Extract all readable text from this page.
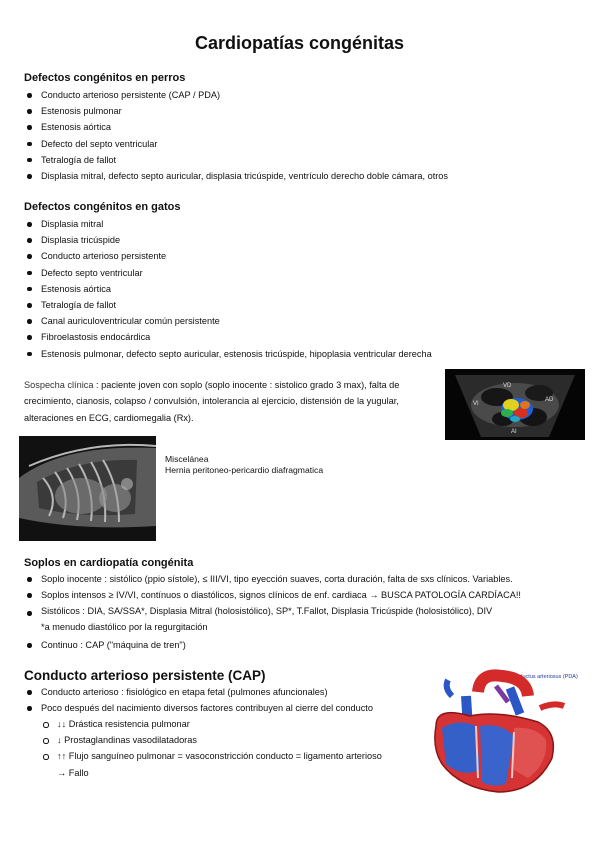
Cardiopatías congénitas
Defectos congénitos en perros
Conducto arterioso persistente (CAP / PDA)
Estenosis pulmonar
Estenosis aórtica
Defecto del septo ventricular
Tetralogía de fallot
Displasia mitral, defecto septo auricular, displasia tricúspide, ventrículo derecho doble cámara, otros
Defectos congénitos en gatos
Displasia mitral
Displasia tricúspide
Conducto arterioso persistente
Defecto septo ventricular
Estenosis aórtica
Tetralogía de fallot
Canal auriculoventricular común persistente
Fibroelastosis endocárdica
Estenosis pulmonar, defecto septo auricular, estenosis tricúspide, hipoplasia ventricular derecha

Sospecha clínica : paciente joven con soplo (soplo inocente : sistolico grado 3 max), falta de crecimiento, cianosis, colapso / convulsión, intolerancia al ejercicio, distensión de la yugular, alteraciones en ECG, cardiomegalia (Rx).

VD
AD
VI
AI
Miscelánea
Hernia peritoneo-pericardio diafragmatica
Soplos en cardiopatía congénita
Soplo inocente : sistólico (ppio sístole), ≤ III/VI, tipo eyección suaves, corta duración, falta de sxs clínicos. Variables.
Soplos intensos ≥ IV/VI, contínuos o diastólicos, signos clínicos de enf. cardiaca → BUSCA PATOLOGÍA CARDÍACA!!
Sistólicos : DIA, SA/SSA*, Displasia Mitral (holosistólico), SP*, T.Fallot, Displasia Tricúspide (holosistólico), DIV
*a menudo diastólico por la regurgitación
Continuo : CAP ("máquina de tren")
Conducto arterioso persistente (CAP)
Conducto arterioso : fisiológico en etapa fetal (pulmones afuncionales)
Poco después del nacimiento diversos factores contribuyen al cierre del conducto
↓↓ Drástica resistencia pulmonar
↓ Prostaglandinas vasodilatadoras
↑↑ Flujo sanguíneo pulmonar = vasoconstricción conducto = ligamento arterioso
→ Fallo
Patent ductus arteriosus (PDA)
